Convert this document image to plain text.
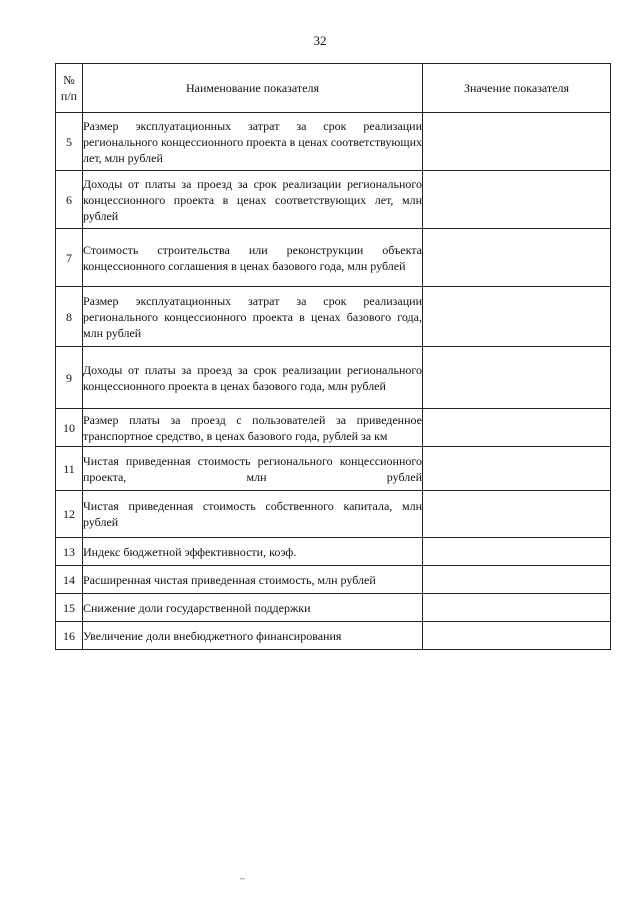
32
№
п/п	Наименование показателя	Значение показателя
5	Размер эксплуатационных затрат за срок реализации регионального концессионного проекта в ценах соответствующих лет, млн рублей	
6	Доходы от платы за проезд за срок реализации регионального концессионного проекта в ценах соответствующих лет, млн рублей	
7	Стоимость строительства или реконструкции объекта концессионного соглашения в ценах базового года, млн рублей	
8	Размер эксплуатационных затрат за срок реализации регионального концессионного проекта в ценах базового года, млн рублей	
9	Доходы от платы за проезд за срок реализации регионального концессионного проекта в ценах базового года, млн рублей	
10	Размер платы за проезд с пользователей за приведенное транспортное средство, в ценах базового года, рублей за км	
11	Чистая приведенная стоимость регионального концессионного проекта, млн рублей	
12	Чистая приведенная стоимость собственного капитала, млн рублей	
13	Индекс бюджетной эффективности, коэф.	
14	Расширенная чистая приведенная стоимость, млн рублей	
15	Снижение доли государственной поддержки	
16	Увеличение доли внебюджетного финансирования	
~
